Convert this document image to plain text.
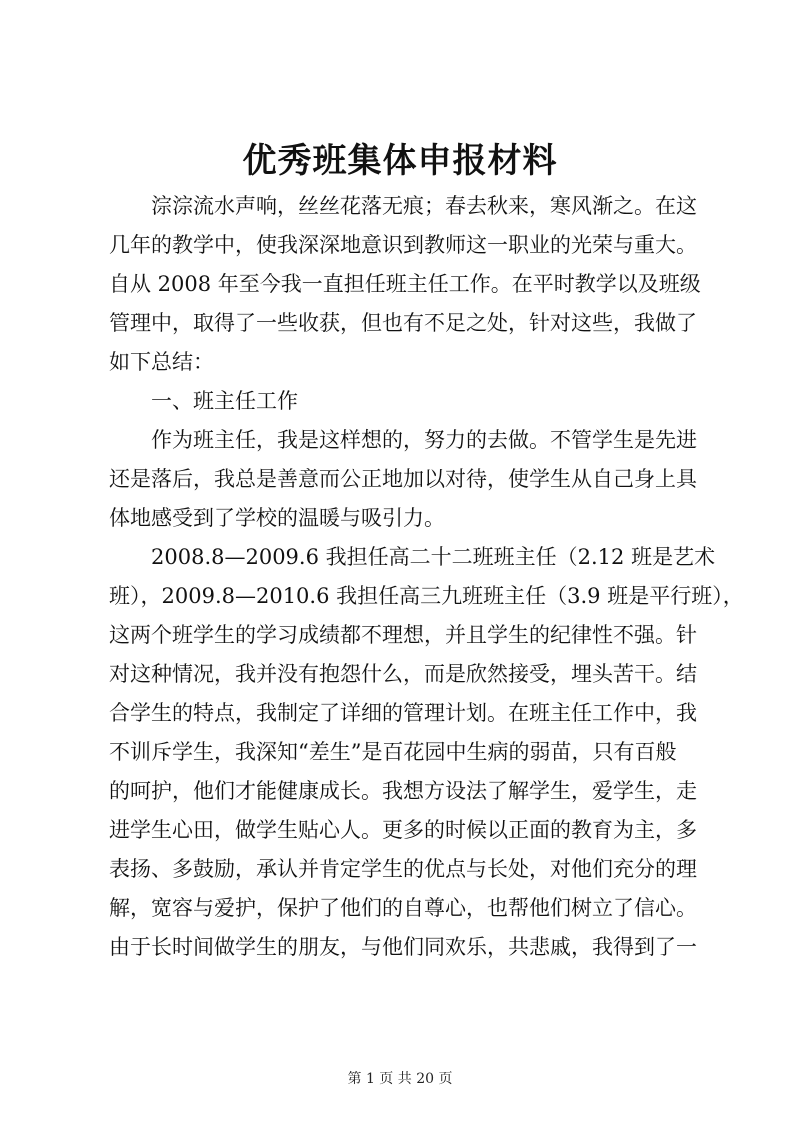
优秀班集体申报材料
淙淙流水声响，丝丝花落无痕；春去秋来，寒风渐之。在这
几年的教学中，使我深深地意识到教师这一职业的光荣与重大。
自从 2008 年至今我一直担任班主任工作。在平时教学以及班级
管理中，取得了一些收获，但也有不足之处，针对这些，我做了
如下总结：
一、班主任工作
作为班主任，我是这样想的，努力的去做。不管学生是先进
还是落后，我总是善意而公正地加以对待，使学生从自己身上具
体地感受到了学校的温暖与吸引力。
2008.8—2009.6 我担任高二十二班班主任（2.12 班是艺术
班），2009.8—2010.6 我担任高三九班班主任（3.9 班是平行班），
这两个班学生的学习成绩都不理想，并且学生的纪律性不强。针
对这种情况，我并没有抱怨什么，而是欣然接受，埋头苦干。结
合学生的特点，我制定了详细的管理计划。在班主任工作中，我
不训斥学生，我深知“差生”是百花园中生病的弱苗，只有百般
的呵护，他们才能健康成长。我想方设法了解学生，爱学生，走
进学生心田，做学生贴心人。更多的时候以正面的教育为主，多
表扬、多鼓励，承认并肯定学生的优点与长处，对他们充分的理
解，宽容与爱护，保护了他们的自尊心，也帮他们树立了信心。
由于长时间做学生的朋友，与他们同欢乐，共悲戚，我得到了一
第 1 页 共 20 页
